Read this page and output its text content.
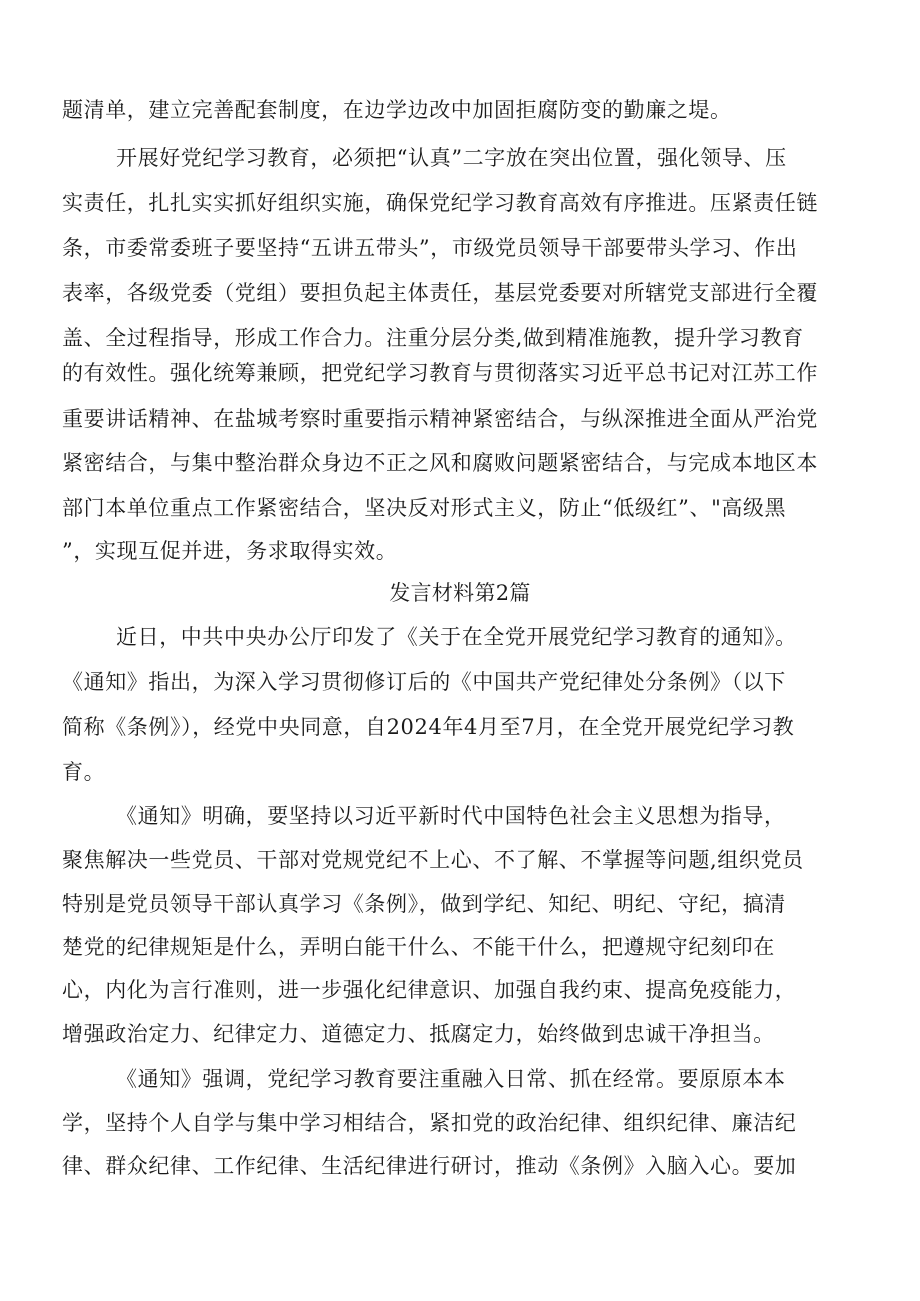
题清单，建立完善配套制度，在边学边改中加固拒腐防变的勤廉之堤。
开展好党纪学习教育，必须把“认真”二字放在突出位置，强化领导、压
实责任，扎扎实实抓好组织实施，确保党纪学习教育高效有序推进。压紧责任链
条，市委常委班子要坚持“五讲五带头”，市级党员领导干部要带头学习、作出
表率，各级党委（党组）要担负起主体责任，基层党委要对所辖党支部进行全覆
盖、全过程指导，形成工作合力。注重分层分类,做到精准施教，提升学习教育
的有效性。强化统筹兼顾，把党纪学习教育与贯彻落实习近平总书记对江苏工作
重要讲话精神、在盐城考察时重要指示精神紧密结合，与纵深推进全面从严治党
紧密结合，与集中整治群众身边不正之风和腐败问题紧密结合，与完成本地区本
部门本单位重点工作紧密结合，坚决反对形式主义，防止“低级红”、"高级黑
”，实现互促并进，务求取得实效。
发言材料第2篇
近日，中共中央办公厅印发了《关于在全党开展党纪学习教育的通知》。
《通知》指出，为深入学习贯彻修订后的《中国共产党纪律处分条例》（以下
简称《条例》），经党中央同意，自2024年4月至7月，在全党开展党纪学习教
育。
《通知》明确，要坚持以习近平新时代中国特色社会主义思想为指导，
聚焦解决一些党员、干部对党规党纪不上心、不了解、不掌握等问题,组织党员
特别是党员领导干部认真学习《条例》，做到学纪、知纪、明纪、守纪，搞清
楚党的纪律规矩是什么，弄明白能干什么、不能干什么，把遵规守纪刻印在
心，内化为言行准则，进一步强化纪律意识、加强自我约束、提高免疫能力，
增强政治定力、纪律定力、道德定力、抵腐定力，始终做到忠诚干净担当。
《通知》强调，党纪学习教育要注重融入日常、抓在经常。要原原本本
学，坚持个人自学与集中学习相结合，紧扣党的政治纪律、组织纪律、廉洁纪
律、群众纪律、工作纪律、生活纪律进行研讨，推动《条例》入脑入心。要加
